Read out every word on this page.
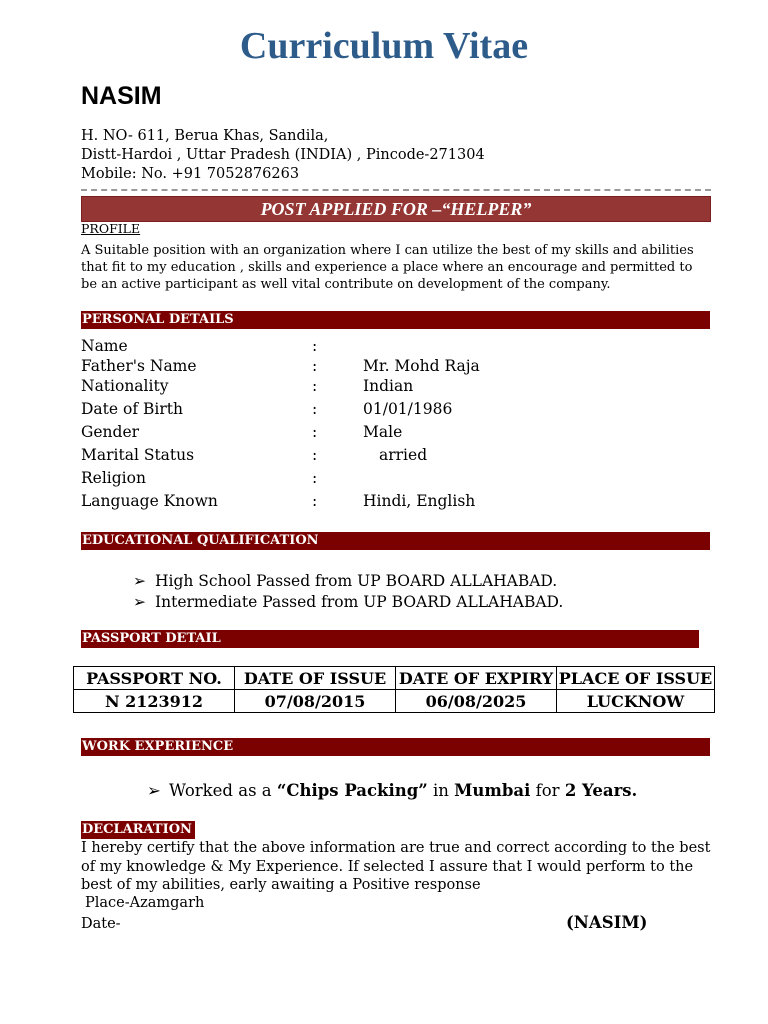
Curriculum Vitae
NASIM
H. NO- 611, Berua Khas, Sandila,
Distt-Hardoi , Uttar Pradesh (INDIA) , Pincode-271304
Mobile: No. +91 7052876263
POST APPLIED FOR –“HELPER”
PROFILE
A Suitable position with an organization where I can utilize the best of my skills and abilities that fit to my education , skills and experience a place where an encourage and permitted to be an active participant as well vital contribute on development of the company.
PERSONAL DETAILS
Name	:
Father's Name	:	Mr. Mohd Raja
Nationality	:	Indian
Date of Birth	:	01/01/1986
Gender	:	Male
Marital Status	:	arried
Religion	:
Language Known	:	Hindi, English
EDUCATIONAL QUALIFICATION
➢ High School Passed from UP BOARD ALLAHABAD.
➢ Intermediate Passed from UP BOARD ALLAHABAD.
PASSPORT DETAIL
PASSPORT NO.	DATE OF ISSUE	DATE OF EXPIRY	PLACE OF ISSUE
N 2123912	07/08/2015	06/08/2025	LUCKNOW
WORK EXPERIENCE
➢ Worked as a “Chips Packing” in Mumbai for 2 Years.
DECLARATION
I hereby certify that the above information are true and correct according to the best of my knowledge & My Experience. If selected I assure that I would perform to the best of my abilities, early awaiting a Positive response
Place-Azamgarh
Date-	(NASIM)
